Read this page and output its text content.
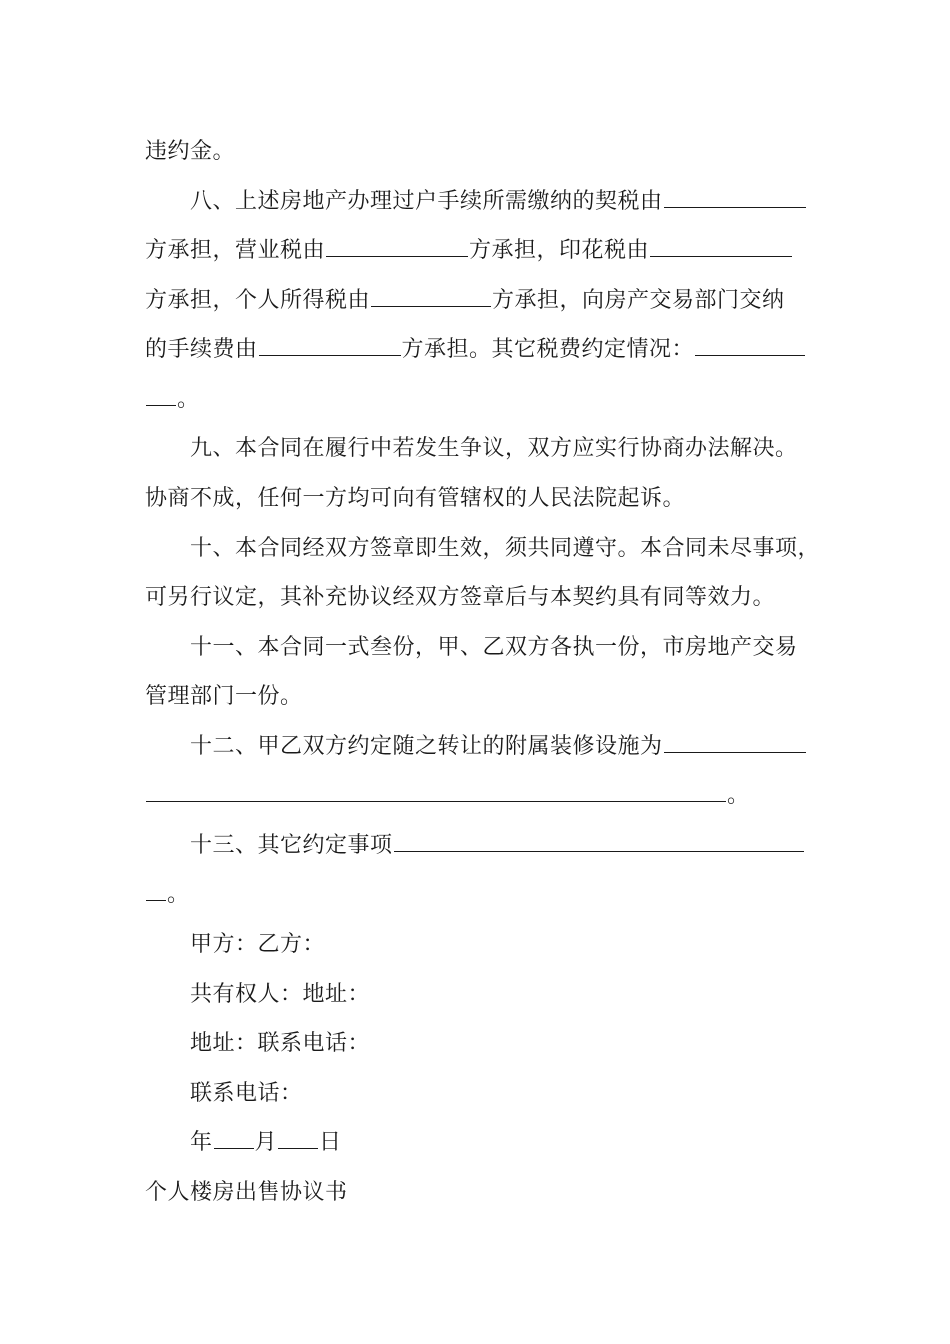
违约金。
八、上述房地产办理过户手续所需缴纳的契税由
方承担，营业税由	方承担，印花税由
方承担，个人所得税由	方承担，向房产交易部门交纳
的手续费由	方承担。其它税费约定情况：
。
九、本合同在履行中若发生争议，双方应实行协商办法解决。
协商不成，任何一方均可向有管辖权的人民法院起诉。
十、本合同经双方签章即生效，须共同遵守。本合同未尽事项，
可另行议定，其补充协议经双方签章后与本契约具有同等效力。
十一、本合同一式叁份，甲、乙双方各执一份，市房地产交易
管理部门一份。
十二、甲乙双方约定随之转让的附属装修设施为
。
十三、其它约定事项
。
甲方：乙方：
共有权人：地址：
地址：联系电话：
联系电话：
年 月 日
个人楼房出售协议书
